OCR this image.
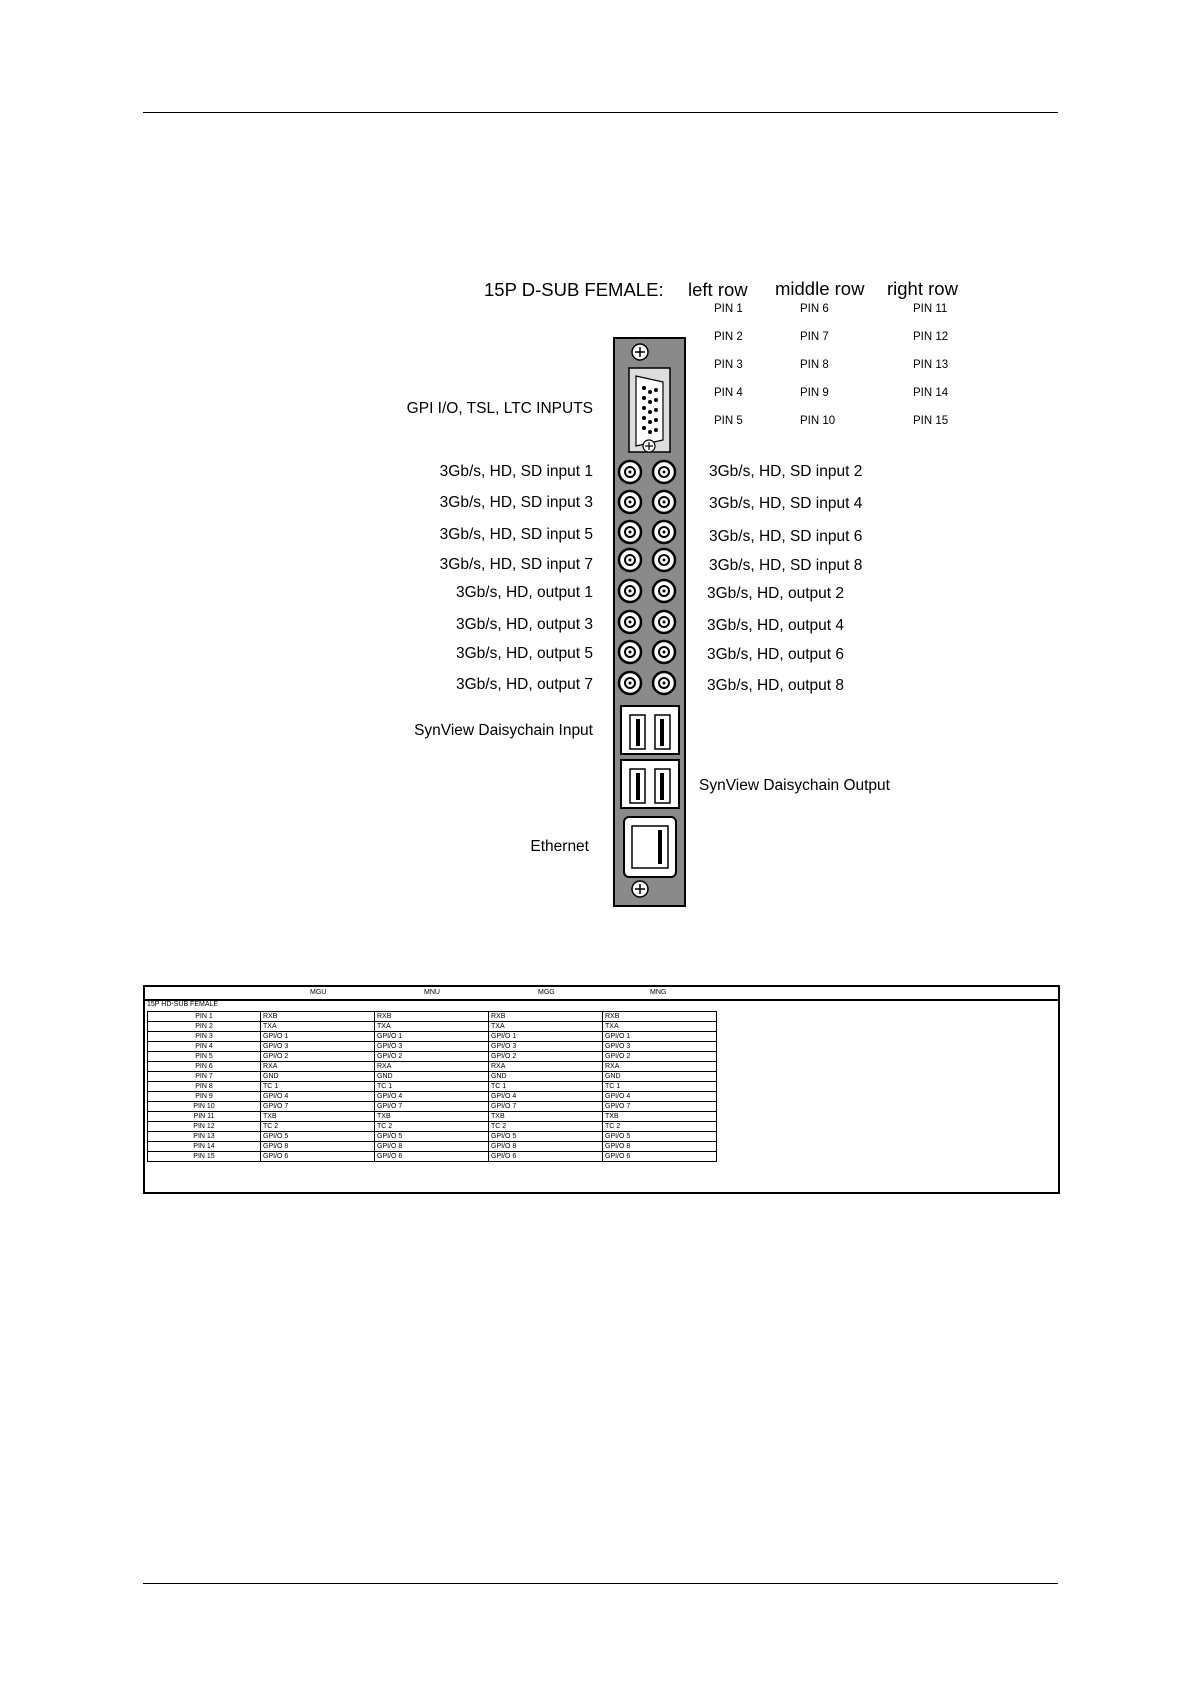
15P D-SUB FEMALE: left row middle row right row
PIN 1	PIN 6	PIN 11
PIN 2	PIN 7	PIN 12
PIN 3	PIN 8	PIN 13
PIN 4	PIN 9	PIN 14
PIN 5	PIN 10	PIN 15
GPI I/O, TSL, LTC INPUTS
3Gb/s, HD, SD input 1
3Gb/s, HD, SD input 3
3Gb/s, HD, SD input 5
3Gb/s, HD, SD input 7
3Gb/s, HD, output 1
3Gb/s, HD, output 3
3Gb/s, HD, output 5
3Gb/s, HD, output 7
3Gb/s, HD, SD input 2
3Gb/s, HD, SD input 4
3Gb/s, HD, SD input 6
3Gb/s, HD, SD input 8
3Gb/s, HD, output 2
3Gb/s, HD, output 4
3Gb/s, HD, output 6
3Gb/s, HD, output 8
SynView Daisychain Input
SynView Daisychain Output
Ethernet
MGU	MNU	MGG	MNG
15P HD-SUB FEMALE
PIN 1	RXB	RXB	RXB	RXB
PIN 2	TXA	TXA	TXA	TXA
PIN 3	GPI/O 1	GPI/O 1	GPI/O 1	GPI/O 1
PIN 4	GPI/O 3	GPI/O 3	GPI/O 3	GPI/O 3
PIN 5	GPI/O 2	GPI/O 2	GPI/O 2	GPI/O 2
PIN 6	RXA	RXA	RXA	RXA
PIN 7	GND	GND	GND	GND
PIN 8	TC 1	TC 1	TC 1	TC 1
PIN 9	GPI/O 4	GPI/O 4	GPI/O 4	GPI/O 4
PIN 10	GPI/O 7	GPI/O 7	GPI/O 7	GPI/O 7
PIN 11	TXB	TXB	TXB	TXB
PIN 12	TC 2	TC 2	TC 2	TC 2
PIN 13	GPI/O 5	GPI/O 5	GPI/O 5	GPI/O 5
PIN 14	GPI/O 8	GPI/O 8	GPI/O 8	GPI/O 8
PIN 15	GPI/O 6	GPI/O 6	GPI/O 6	GPI/O 6
